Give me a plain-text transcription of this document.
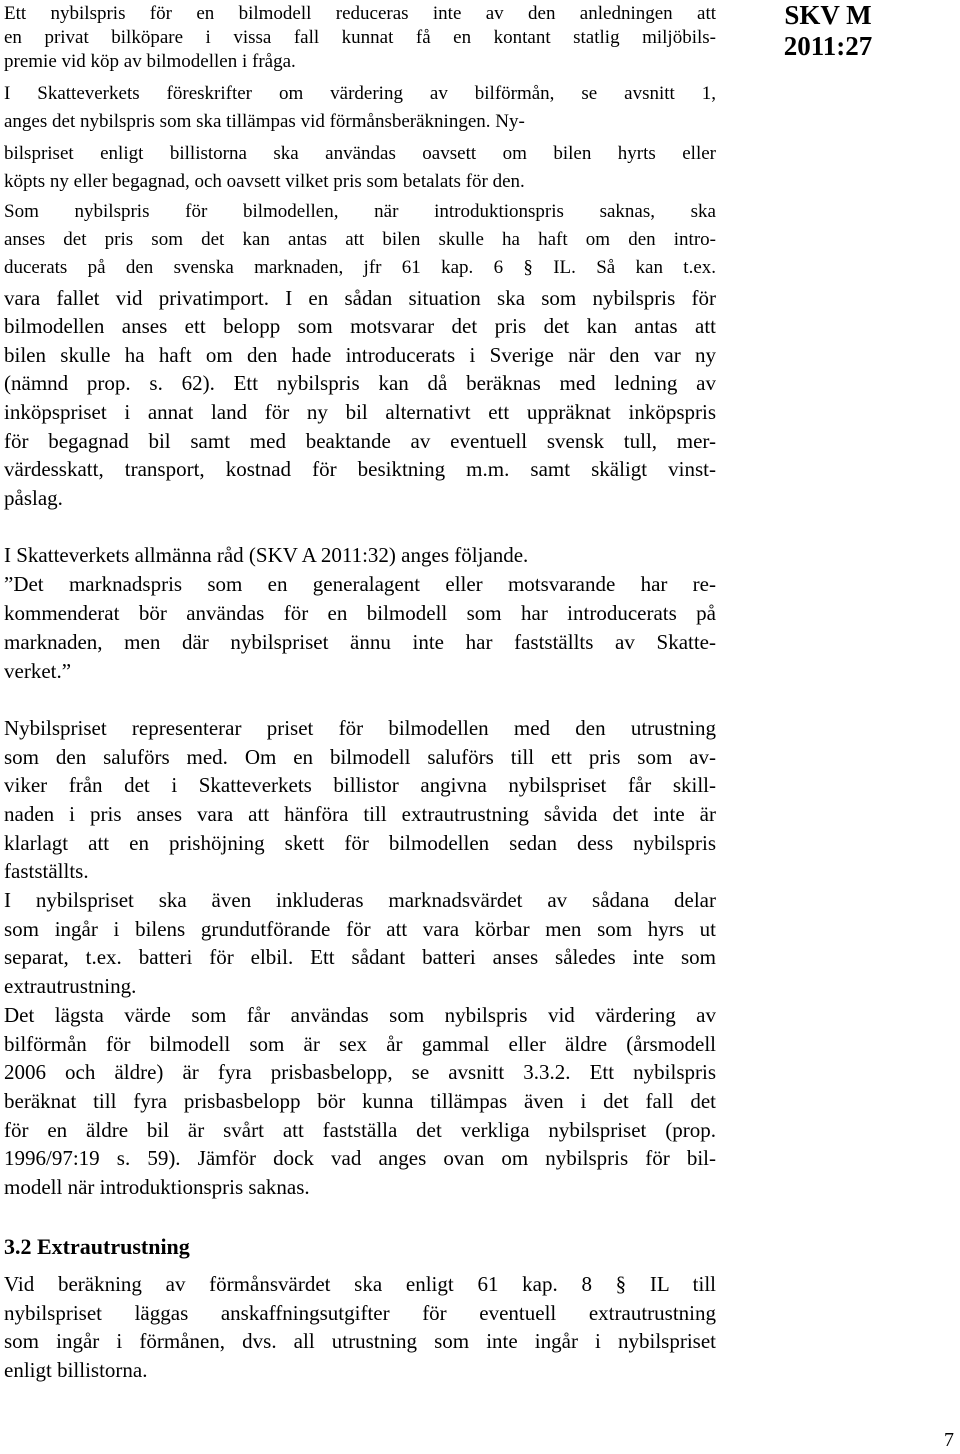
SKV M
2011:27
Ett nybilspris för en bilmodell reduceras inte av den anledningen att
en privat bilköpare i vissa fall kunnat få en kontant statlig miljöbils-
premie vid köp av bilmodellen i fråga.
I Skatteverkets föreskrifter om värdering av bilförmån, se avsnitt 1,
anges det nybilspris som ska tillämpas vid förmånsberäkningen. Ny-
bilspriset enligt billistorna ska användas oavsett om bilen hyrts eller
köpts ny eller begagnad, och oavsett vilket pris som betalats för den.
Som nybilspris för bilmodellen, när introduktionspris saknas, ska
anses det pris som det kan antas att bilen skulle ha haft om den intro-
ducerats på den svenska marknaden, jfr 61 kap. 6 § IL. Så kan t.ex.
vara fallet vid privatimport. I en sådan situation ska som nybilspris för
bilmodellen anses ett belopp som motsvarar det pris det kan antas att
bilen skulle ha haft om den hade introducerats i Sverige när den var ny
(nämnd prop. s. 62). Ett nybilspris kan då beräknas med ledning av
inköpspriset i annat land för ny bil alternativt ett uppräknat inköpspris
för begagnad bil samt med beaktande av eventuell svensk tull, mer-
värdesskatt, transport, kostnad för besiktning m.m. samt skäligt vinst-
påslag.
I Skatteverkets allmänna råd (SKV A 2011:32) anges följande.
”Det marknadspris som en generalagent eller motsvarande har re-
kommenderat bör användas för en bilmodell som har introducerats på
marknaden, men där nybilspriset ännu inte har fastställts av Skatte-
verket.”
Nybilspriset representerar priset för bilmodellen med den utrustning
som den saluförs med. Om en bilmodell saluförs till ett pris som av-
viker från det i Skatteverkets billistor angivna nybilspriset får skill-
naden i pris anses vara att hänföra till extrautrustning såvida det inte är
klarlagt att en prishöjning skett för bilmodellen sedan dess nybilspris
fastställts.
I nybilspriset ska även inkluderas marknadsvärdet av sådana delar
som ingår i bilens grundutförande för att vara körbar men som hyrs ut
separat, t.ex. batteri för elbil. Ett sådant batteri anses således inte som
extrautrustning.
Det lägsta värde som får användas som nybilspris vid värdering av
bilförmån för bilmodell som är sex år gammal eller äldre (årsmodell
2006 och äldre) är fyra prisbasbelopp, se avsnitt 3.3.2. Ett nybilspris
beräknat till fyra prisbasbelopp bör kunna tillämpas även i det fall det
för en äldre bil är svårt att fastställa det verkliga nybilspriset (prop.
1996/97:19 s. 59). Jämför dock vad anges ovan om nybilspris för bil-
modell när introduktionspris saknas.
Vid beräkning av förmånsvärdet ska enligt 61 kap. 8 § IL till
nybilspriset läggas anskaffningsutgifter för eventuell extrautrustning
som ingår i förmånen, dvs. all utrustning som inte ingår i nybilspriset
enligt billistorna.
3.2 Extrautrustning
7
